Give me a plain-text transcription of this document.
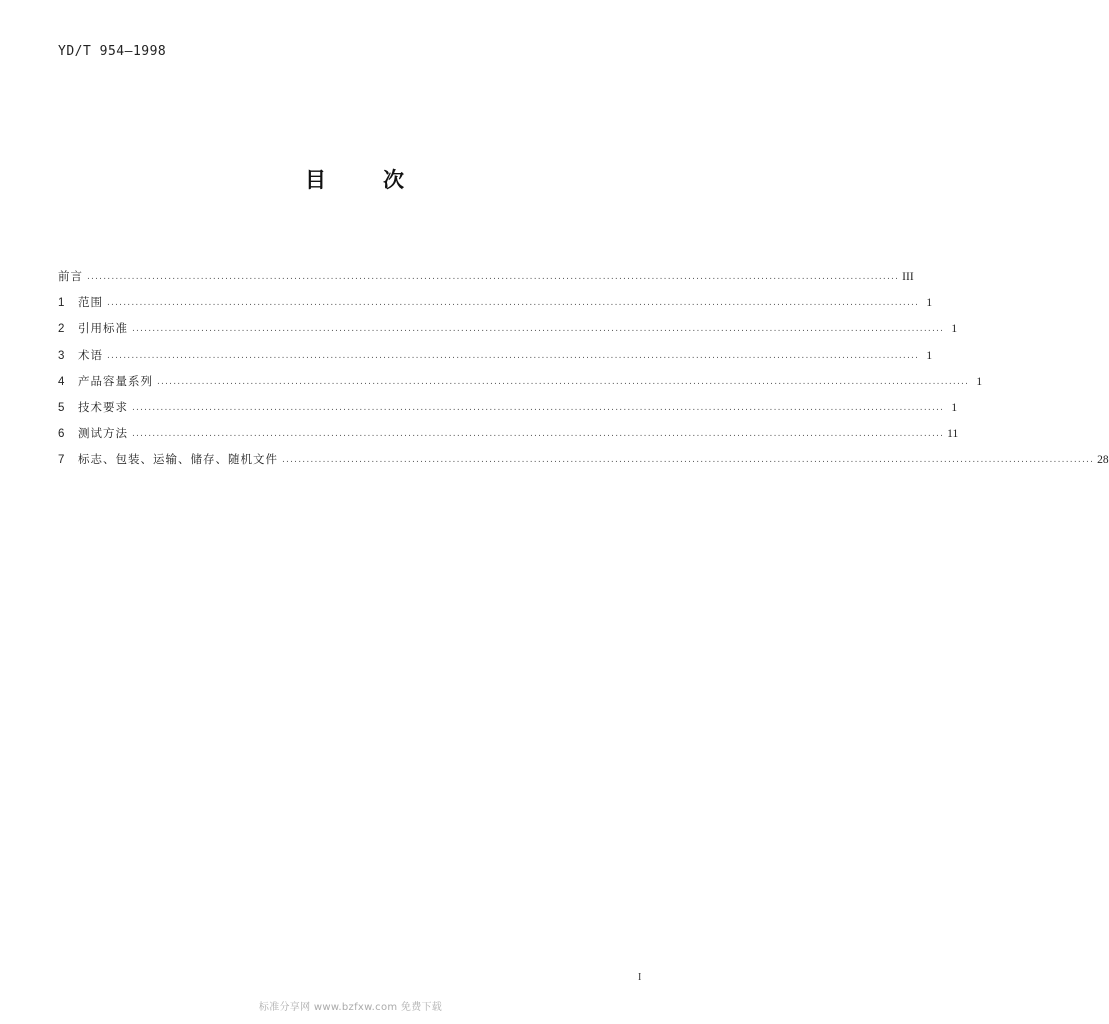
YD/T 954—1998
目	次
前言 ........................................................................................................................................................................................................ III
1	范围 ........................................................................................................................................................................................................ 1
2	引用标准 ........................................................................................................................................................................................................ 1
3	术语 ........................................................................................................................................................................................................ 1
4	产品容量系列 ........................................................................................................................................................................................................ 1
5	技术要求 ........................................................................................................................................................................................................ 1
6	测试方法 ........................................................................................................................................................................................................ 11
7	标志、包装、运输、储存、随机文件 ........................................................................................................................................................................................................ 28
I
标准分享网 www.bzfxw.com 免费下载
